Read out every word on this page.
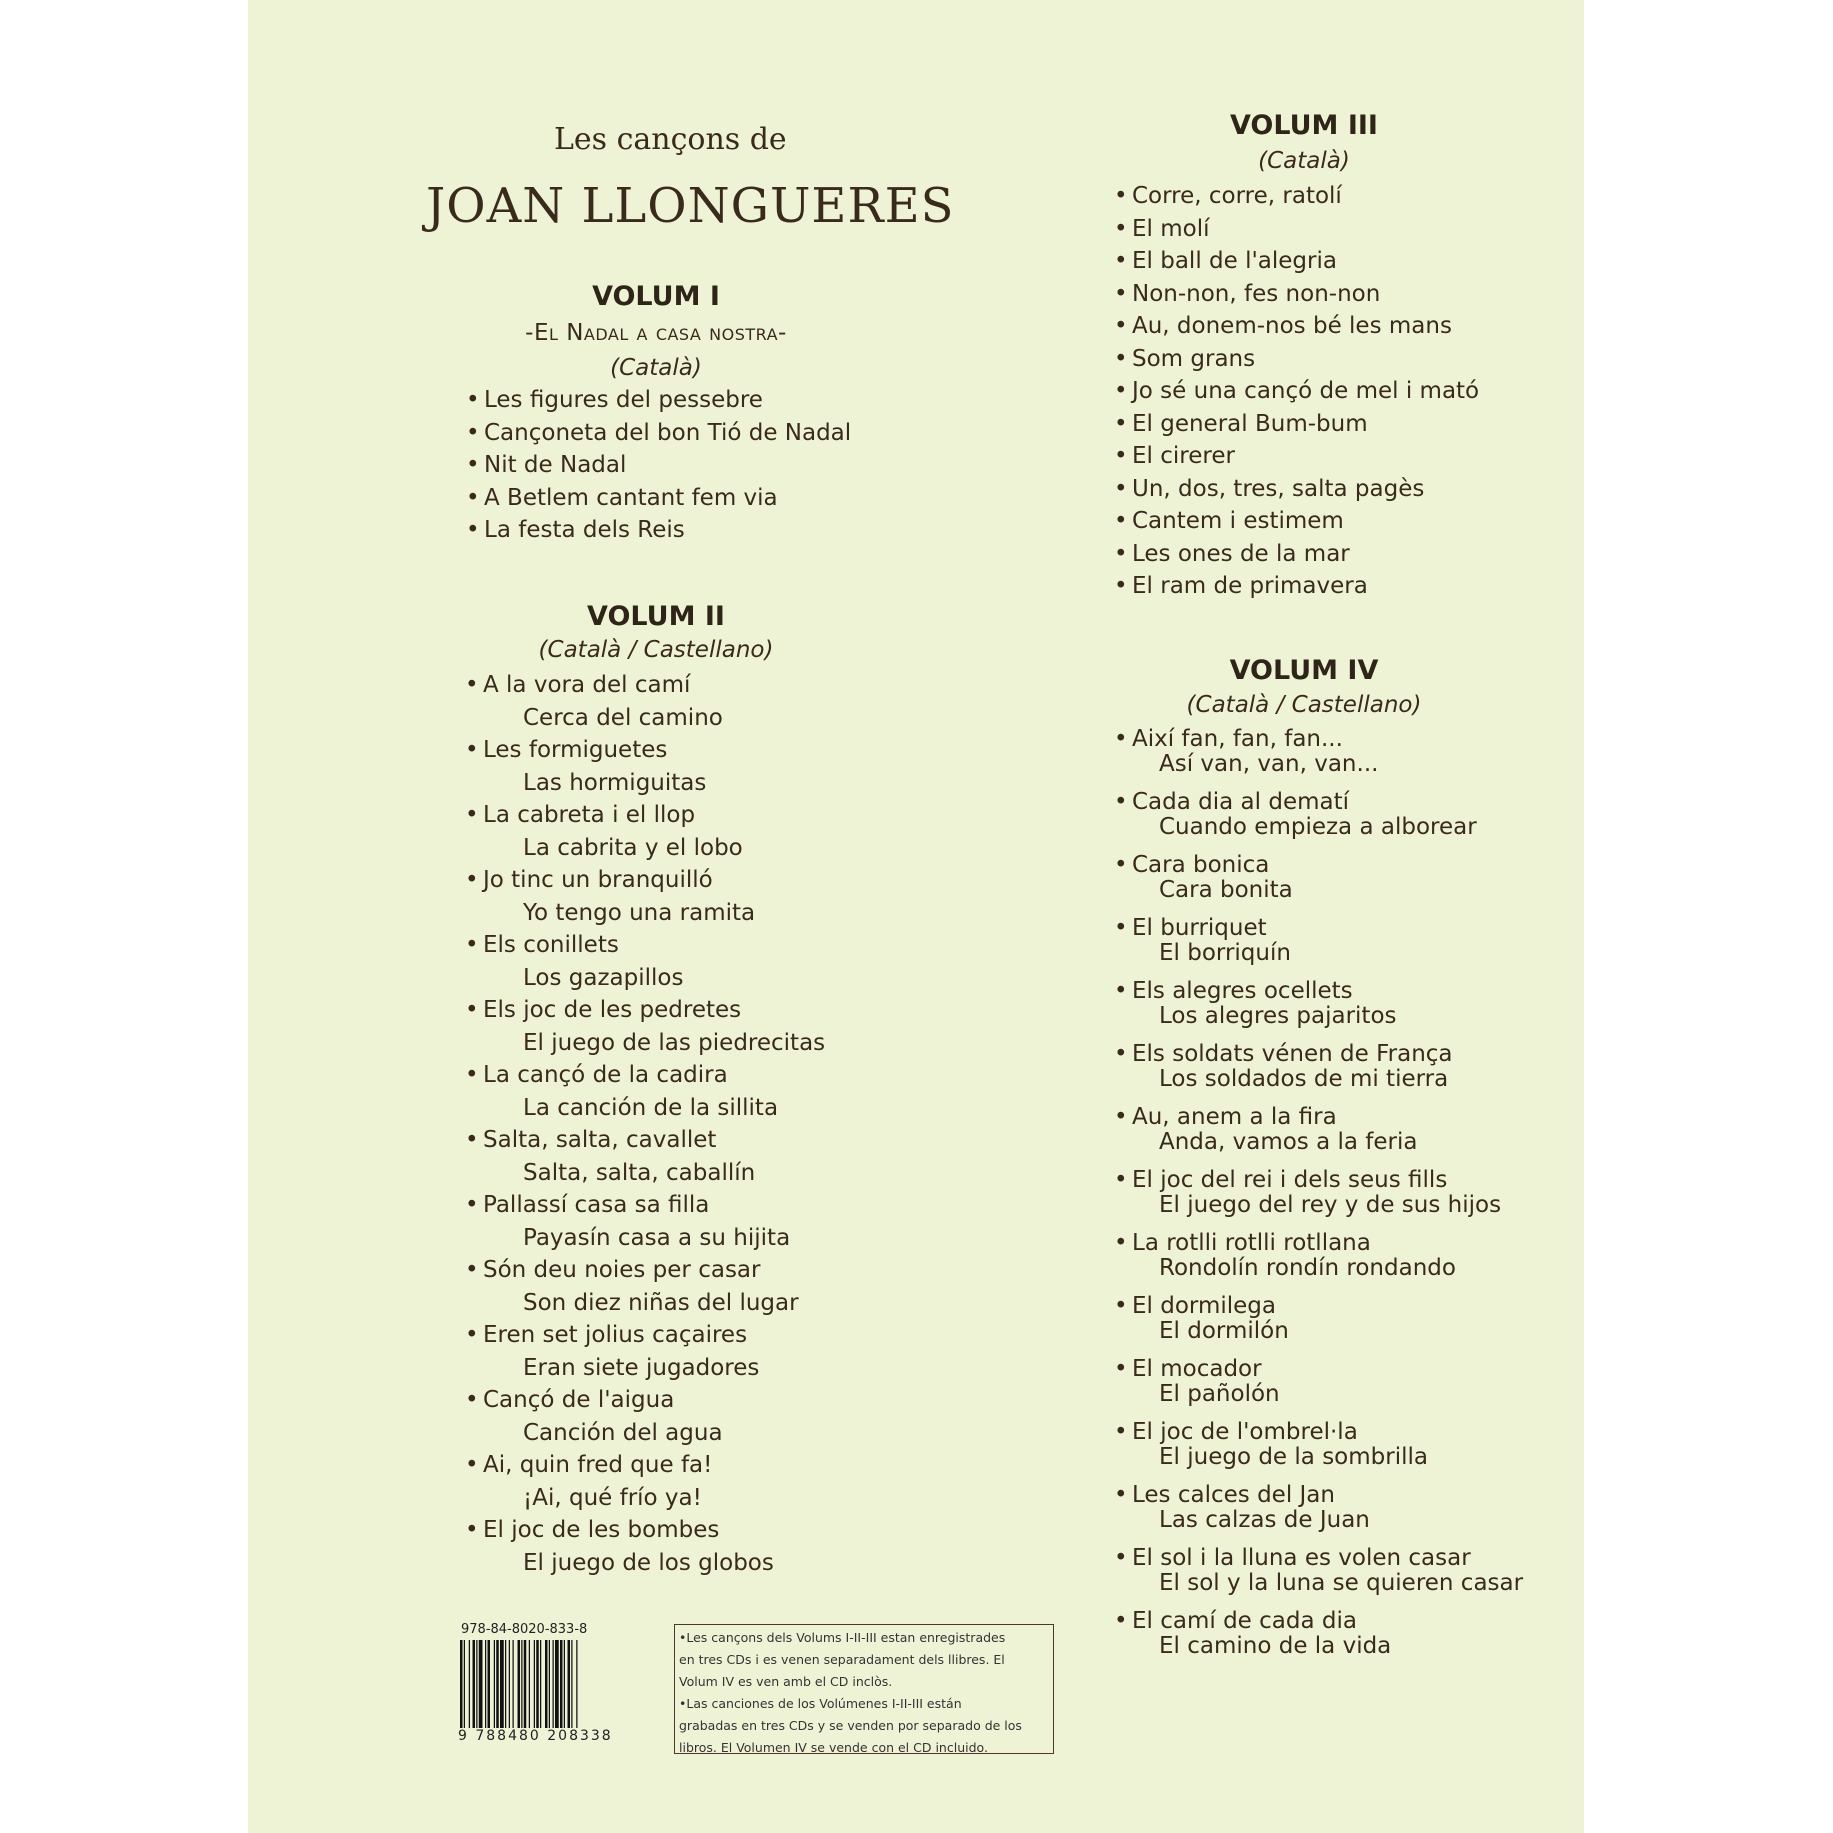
Les cançons de
JOAN LLONGUERES
VOLUM I
-El Nadal a casa nostra-
(Català)
• Les figures del pessebre
• Cançoneta del bon Tió de Nadal
• Nit de Nadal
• A Betlem cantant fem via
• La festa dels Reis
VOLUM II
(Català / Castellano)
• A la vora del camí
Cerca del camino
• Les formiguetes
Las hormiguitas
• La cabreta i el llop
La cabrita y el lobo
• Jo tinc un branquilló
Yo tengo una ramita
• Els conillets
Los gazapillos
• Els joc de les pedretes
El juego de las piedrecitas
• La cançó de la cadira
La canción de la sillita
• Salta, salta, cavallet
Salta, salta, caballín
• Pallassí casa sa filla
Payasín casa a su hijita
• Són deu noies per casar
Son diez niñas del lugar
• Eren set jolius caçaires
Eran siete jugadores
• Cançó de l'aigua
Canción del agua
• Ai, quin fred que fa!
¡Ai, qué frío ya!
• El joc de les bombes
El juego de los globos
VOLUM III
(Català)
• Corre, corre, ratolí
• El molí
• El ball de l'alegria
• Non-non, fes non-non
• Au, donem-nos bé les mans
• Som grans
• Jo sé una cançó de mel i mató
• El general Bum-bum
• El cirerer
• Un, dos, tres, salta pagès
• Cantem i estimem
• Les ones de la mar
• El ram de primavera
VOLUM IV
(Català / Castellano)
• Així fan, fan, fan...
Así van, van, van...
• Cada dia al dematí
Cuando empieza a alborear
• Cara bonica
Cara bonita
• El burriquet
El borriquín
• Els alegres ocellets
Los alegres pajaritos
• Els soldats vénen de França
Los soldados de mi tierra
• Au, anem a la fira
Anda, vamos a la feria
• El joc del rei i dels seus fills
El juego del rey y de sus hijos
• La rotlli rotlli rotllana
Rondolín rondín rondando
• El dormilega
El dormilón
• El mocador
El pañolón
• El joc de l'ombrel·la
El juego de la sombrilla
• Les calces del Jan
Las calzas de Juan
• El sol i la lluna es volen casar
El sol y la luna se quieren casar
• El camí de cada dia
El camino de la vida
978-84-8020-833-8
9 788480 208338

•Les cançons dels Volums I-II-III estan enregistrades

en tres CDs i es venen separadament dels llibres. El

Volum IV es ven amb el CD inclòs.

•Las canciones de los Volúmenes I-II-III están

grabadas en tres CDs y se venden por separado de los

libros. El Volumen IV se vende con el CD incluido.
